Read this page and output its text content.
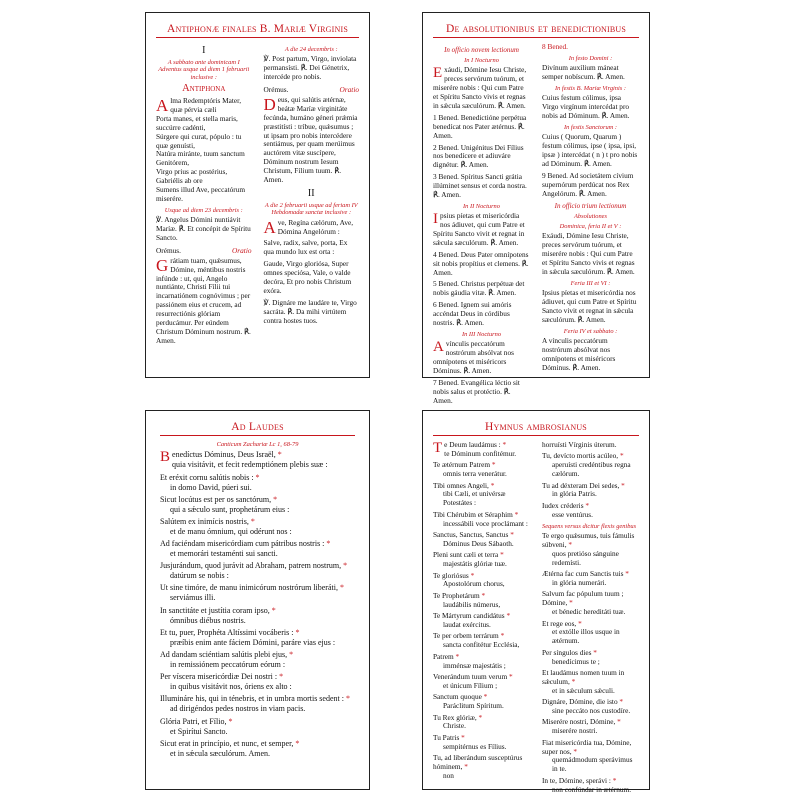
Antiphonæ finales B. Mariæ Virginis
I
A sabbato ante dominicam I Adventus usque ad diem 1 februarii inclusive :
Antiphona
A lma Redemptóris Mater, quæ pérvia cæli

Porta manes, et stella maris, succúrre cadénti,

Súrgere qui curat, pópulo : tu quæ genuísti,

Natúra miránte, tuum sanctum Genitórem,

Virgo prius ac postérius, Gabriélis ab ore

Sumens illud Ave, peccatórum miserére.

Usque ad diem 23 decembris :

℣. Angelus Dómini nuntiávit Maríæ. ℟. Et concépit de Spíritu Sancto.

Orémus.	Oratio
G rátiam tuam, quǽsumus, Dómine, méntibus nostris infúnde : ut, qui, Angelo nuntiánte, Christi Fílii tui incarnatiónem cognóvimus ; per passiónem eius et crucem, ad resurrectiónis glóriam perducámur. Per eúndem Christum Dóminum nostrum. ℟. Amen.

A die 24 decembris :

℣. Post partum, Virgo, inviolata permansísti. ℟. Dei Génetrix, intercéde pro nobis.

Orémus.	Oratio
D eus, qui salútis ætérnæ, beátæ Maríæ virginitáte fecúnda, humáno géneri prǽmia præstitísti : tríbue, quǽsumus ; ut ipsam pro nobis intercédere sentiámus, per quam merúimus auctórem vitæ suscípere, Dóminum nostrum Iesum Christum, Fílium tuum. ℟. Amen.

II
A die 2 februarii usque ad feriam IV Hebdomadæ sanctæ inclusive :
A ve, Regína cælórum, Ave, Dómina Angelórum :

Salve, radix, salve, porta, Ex qua mundo lux est orta :

Gaude, Virgo gloriósa, Super omnes speciósa, Vale, o valde decóra, Et pro nobis Christum exóra.

℣. Dignáre me laudáre te, Virgo sacráta. ℟. Da mihi virtútem contra hostes tuos.

De absolutionibus et benedictionibus
In officio novem lectionum
In I Nocturno
E xáudi, Dómine Iesu Christe, preces servórum tuórum, et miserére nobis : Qui cum Patre et Spíritu Sancto vivis et regnas in sǽcula sæculórum. ℟. Amen.

1 Bened. Benedictióne perpétua benedícat nos Pater ætérnus. ℟. Amen.

2 Bened. Unigénitus Dei Fílius nos benedícere et adiuváre dignétur. ℟. Amen.

3 Bened. Spíritus Sancti grátia illúminet sensus et corda nostra. ℟. Amen.

In II Nocturno
I psius píetas et misericórdia nos ádiuvet, qui cum Patre et Spíritu Sancto vivit et regnat in sǽcula sæculórum. ℟. Amen.

4 Bened. Deus Pater omnípotens sit nobis propítius et clemens. ℟. Amen.

5 Bened. Christus perpétuæ det nobis gáudia vitæ. ℟. Amen.

6 Bened. Ignem sui amóris accéndat Deus in córdibus nostris. ℟. Amen.

In III Nocturno
A vínculis peccatórum nostrórum absólvat nos omnípotens et miséricors Dóminus. ℟. Amen.

7 Bened. Evangélica léctio sit nobis salus et protéctio. ℟. Amen.

8 Bened.

In festo Domini :

Divínum auxílium máneat semper nobíscum. ℟. Amen.

In festis B. Mariæ Virginis :

Cuius festum cólimus, ipsa Virgo virgínum intercédat pro nobis ad Dóminum. ℟. Amen.

In festis Sanctorum :

Cuius ( Quorum, Quarum ) festum cólimus, ipse ( ipsa, ipsi, ipsæ ) intercédat ( n ) t pro nobis ad Dóminum. ℟. Amen.

9 Bened. Ad societátem cívium supernórum perdúcat nos Rex Angelórum. ℟. Amen.

In officio trium lectionum
Absolutiones
Dominica, feria II et V :

Exáudi, Dómine Iesu Christe, preces servórum tuórum, et miserére nobis : Qui cum Patre et Spíritu Sancto vivis et regnas in sǽcula sæculórum. ℟. Amen.

Feria III et VI :

Ipsius píetas et misericórdia nos ádiuvet, qui cum Patre et Spíritu Sancto vivit et regnat in sǽcula sæculórum. ℟. Amen.

Feria IV et sabbato :

A vínculis peccatórum nostrórum absólvat nos omnípotens et miséricors Dóminus. ℟. Amen.

Ad Laudes
Canticum Zachariæ Lc 1, 68-79
Benedíctus Dóminus, Deus Israël, *
quia visitávit, et fecit redemptiónem plebis suæ :
Et eréxit cornu salútis nobis : *
in domo David, púeri sui.
Sicut locútus est per os sanctórum, *
qui a sǽculo sunt, prophetárum eius :
Salútem ex inimícis nostris, *
et de manu ómnium, qui odérunt nos :
Ad faciéndam misericórdiam cum pátribus nostris : *
et memorári testaménti sui sancti.
Jusjurándum, quod jurávit ad Abraham, patrem nostrum, *
datúrum se nobis :
Ut sine timóre, de manu inimicórum nostrórum liberáti, *
serviámus illi.
In sanctitáte et justítia coram ipso, *
ómnibus diébus nostris.
Et tu, puer, Prophéta Altíssimi vocáberis : *
præíbis enim ante fáciem Dómini, paráre vias ejus :
Ad dandam sciéntiam salútis plebi ejus, *
in remissiónem peccatórum eórum :
Per víscera misericórdiæ Dei nostri : *
in quibus visitávit nos, óriens ex alto :
Illumináre his, qui in ténebris, et in umbra mortis sedent : *
ad dirigéndos pedes nostros in viam pacis.
Glória Patri, et Fílio, *
et Spirítui Sancto.
Sicut erat in princípio, et nunc, et semper, *
et in sǽcula sæculórum. Amen.
Hymnus ambrosianus
Te Deum laudámus : *
te Dóminum confitémur.
Te ætérnum Patrem *
omnis terra venerátur.
Tibi omnes Angeli, *
tibi Cæli, et univérsæ Potestátes :
Tibi Chérubim et Séraphim *
incessábili voce proclámant :
Sanctus, Sanctus, Sanctus *
Dóminus Deus Sábaoth.
Pleni sunt cæli et terra *
majestátis glóriæ tuæ.
Te gloriósus *
Apostolórum chorus,
Te Prophetárum *
laudábilis númerus,
Te Mártyrum candidátus *
laudat exércitus.
Te per orbem terrárum *
sancta confitétur Ecclésia,
Patrem *
imménsæ majestátis ;
Venerándum tuum verum *
et únicum Fílium ;
Sanctum quoque *
Paráclitum Spíritum.
Tu Rex glóriæ, *
Christe.
Tu Patris *
sempitérnus es Fílius.
Tu, ad liberándum susceptúrus hóminem, *
non
horruísti Vírginis úterum.
Tu, devícto mortis acúleo, *
aperuísti credéntibus regna cælórum.
Tu ad déxteram Dei sedes, *
in glória Patris.
Iudex créderis *
esse ventúrus.
Sequens versus dicitur flexis genibus
Te ergo quǽsumus, tuis fámulis súbveni, *
quos pretióso sánguine redemísti.
Ætérna fac cum Sanctis tuis *
in glória numerári.
Salvum fac pópulum tuum ; Dómine, *
et bénedic hereditáti tuæ.
Et rege eos, *
et extólle illos usque in ætérnum.
Per síngulos dies *
benedícimus te ;
Et laudámus nomen tuum in sǽculum, *
et in sǽculum sǽculi.
Dignáre, Dómine, die isto *
sine peccáto nos custodíre.
Miserére nostri, Dómine, *
miserére nostri.
Fiat misericórdia tua, Dómine, super nos, *
quemádmodum sperávimus in te.
In te, Dómine, sperávi : *
non confúndar in ætérnum.
